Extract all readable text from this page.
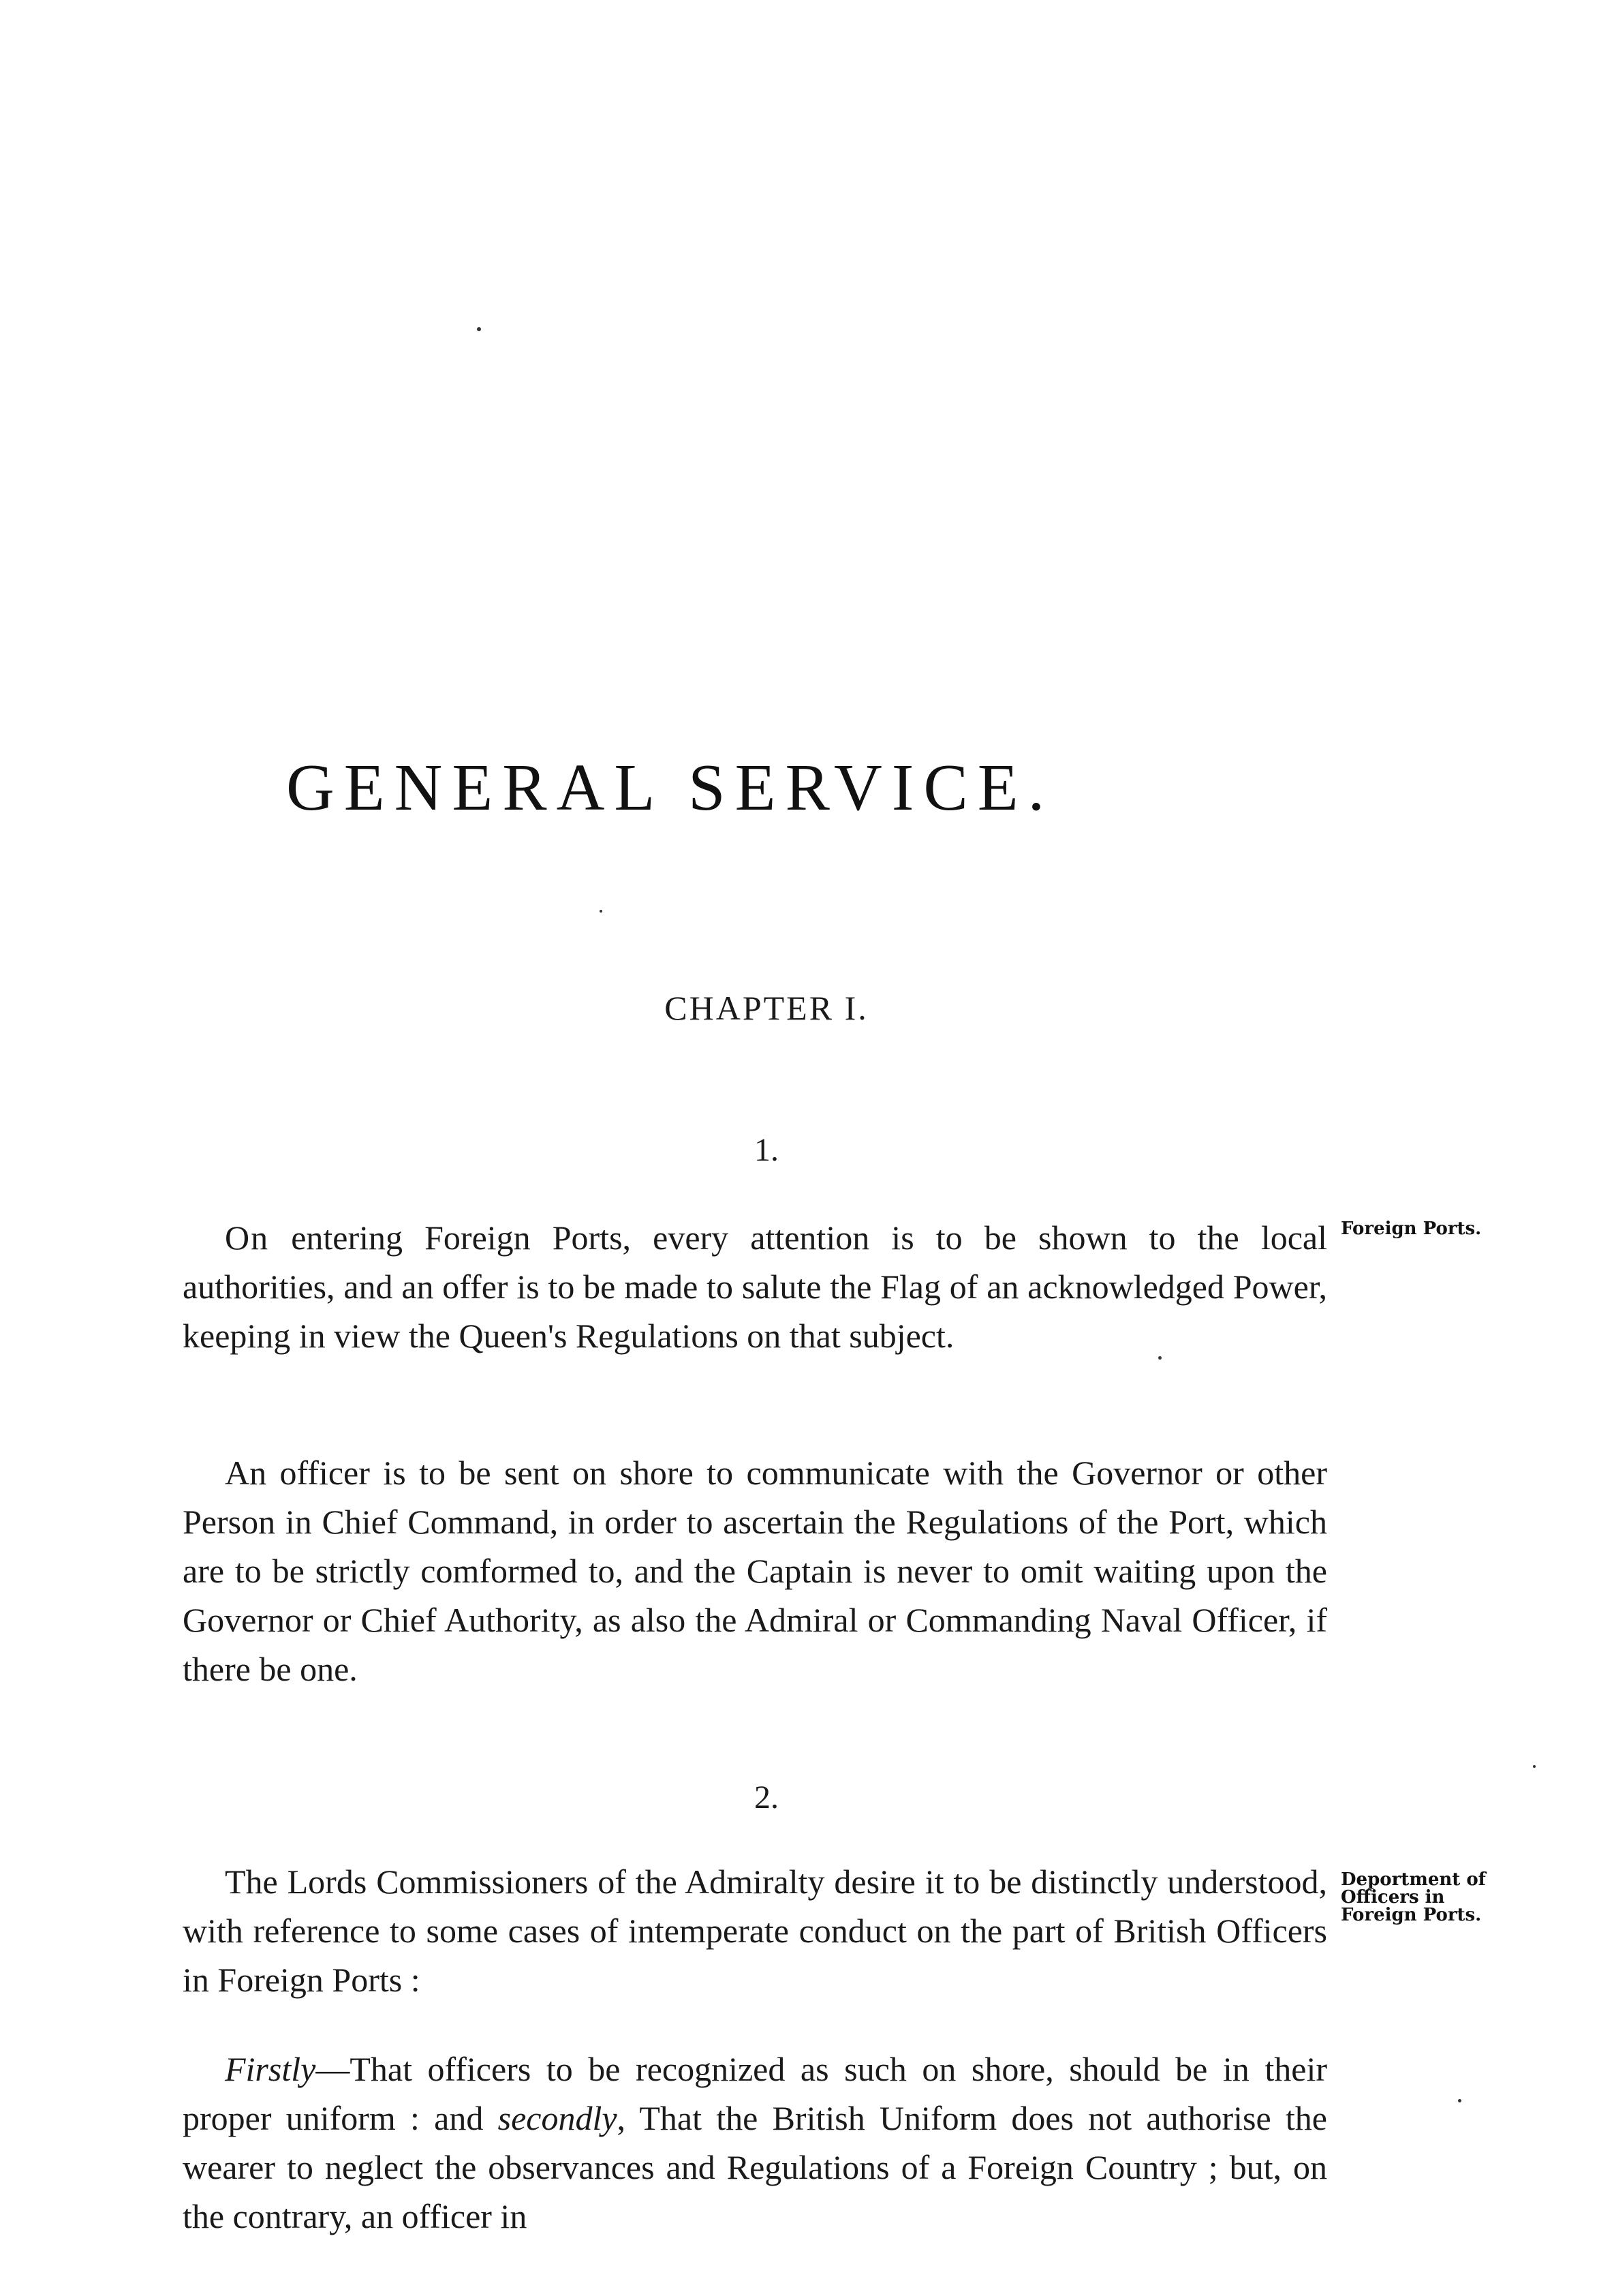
GENERAL SERVICE.
CHAPTER I.
1.

On entering Foreign Ports, every attention is to be shown to the local authorities, and an offer is to be made to salute the Flag of an acknowledged Power, keeping in view the Queen's Regulations on that subject.

Foreign Ports.

An officer is to be sent on shore to communicate with the Governor or other Person in Chief Command, in order to ascertain the Regulations of the Port, which are to be strictly comformed to, and the Captain is never to omit waiting upon the Governor or Chief Authority, as also the Admiral or Commanding Naval Officer, if there be one.

2.

The Lords Commissioners of the Admiralty desire it to be distinctly understood, with reference to some cases of intemperate conduct on the part of British Officers in Foreign Ports :

Deportment of
Officers in
Foreign Ports.

Firstly—That officers to be recognized as such on shore, should be in their proper uniform : and secondly, That the British Uniform does not authorise the wearer to neglect the observances and Regulations of a Foreign Country ; but, on the contrary, an officer in
